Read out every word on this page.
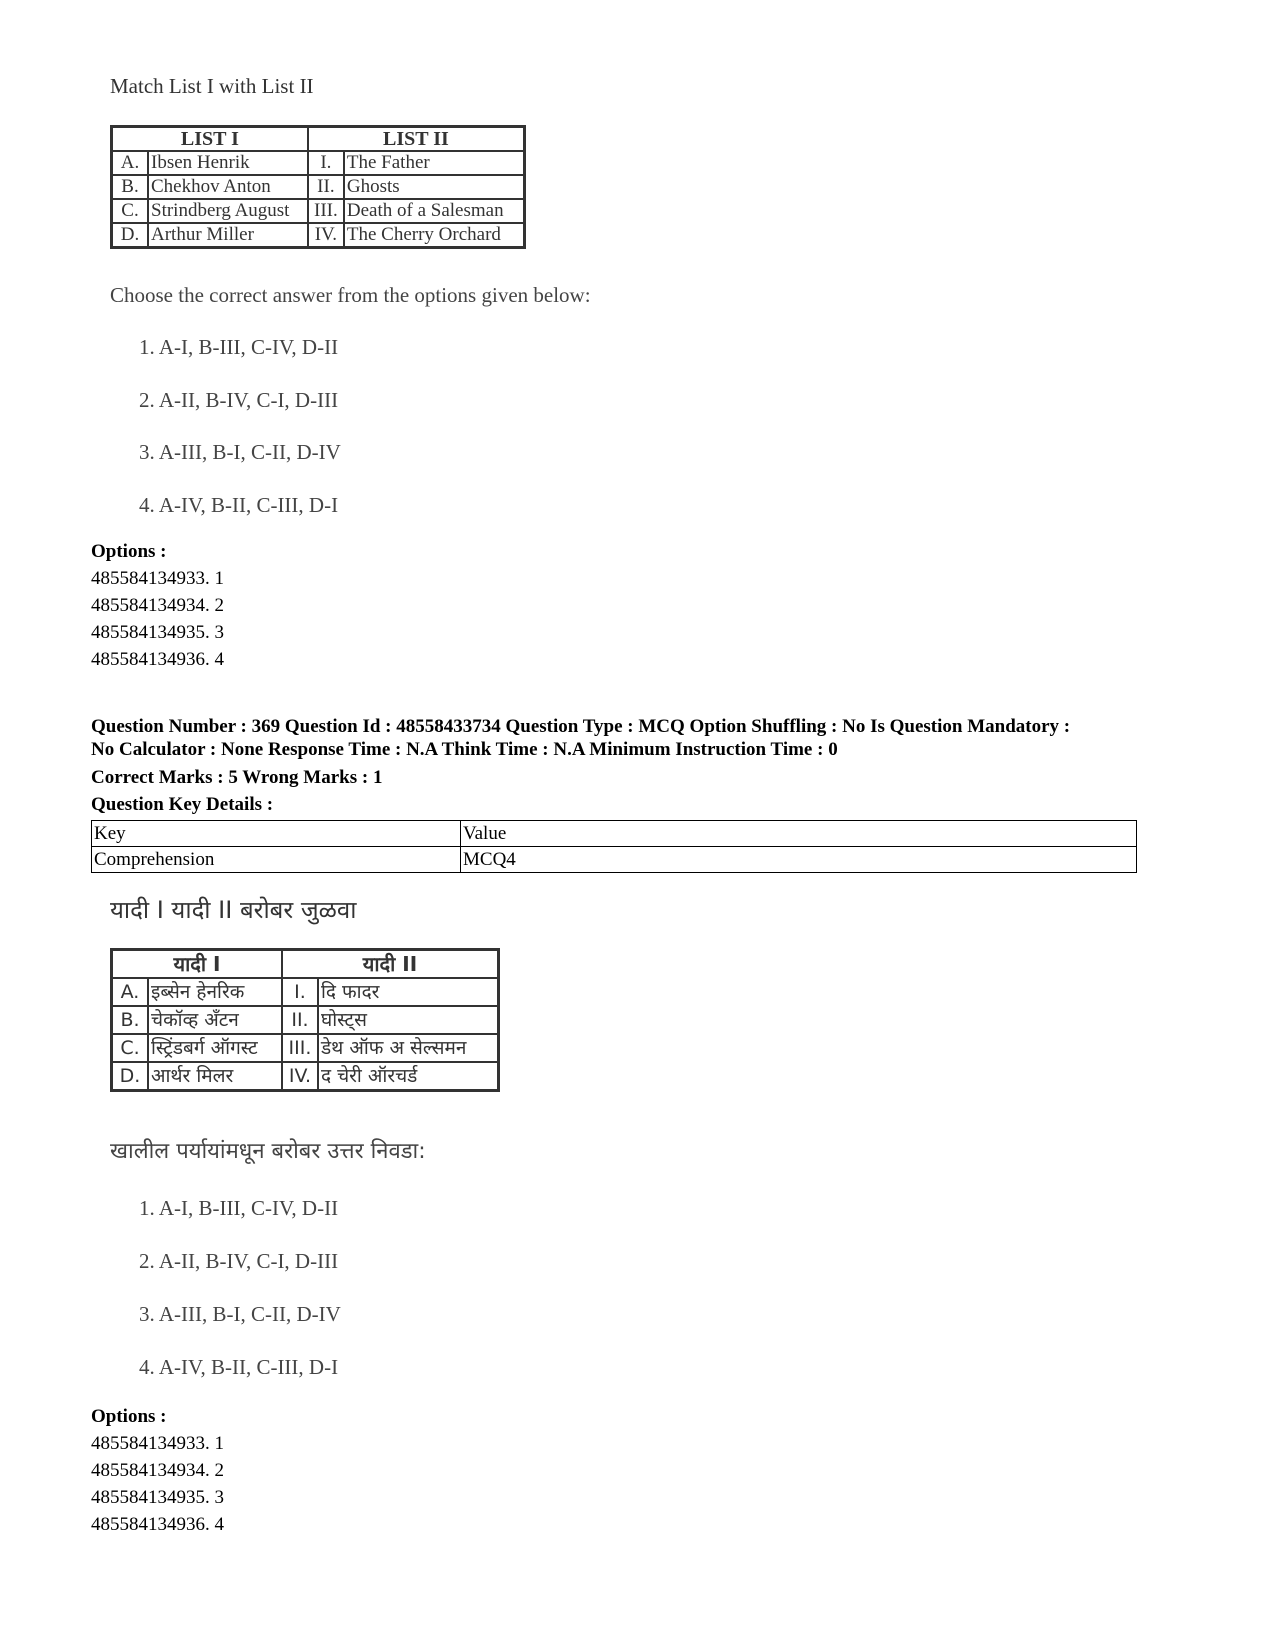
Match List I with List II
LIST I		LIST II	
A.	Ibsen Henrik	I.	The Father
B.	Chekhov Anton	II.	Ghosts
C.	Strindberg August	III.	Death of a Salesman
D.	Arthur Miller	IV.	The Cherry Orchard
Choose the correct answer from the options given below:
1. A-I, B-III, C-IV, D-II
2. A-II, B-IV, C-I, D-III
3. A-III, B-I, C-II, D-IV
4. A-IV, B-II, C-III, D-I
Options :
485584134933. 1
485584134934. 2
485584134935. 3
485584134936. 4
Question Number : 369 Question Id : 48558433734 Question Type : MCQ Option Shuffling : No Is Question Mandatory :
No Calculator : None Response Time : N.A Think Time : N.A Minimum Instruction Time : 0
Correct Marks : 5 Wrong Marks : 1
Question Key Details :
Key	Value
Comprehension	MCQ4
यादी I यादी II बरोबर जुळवा
यादी I		यादी II	
A.	इब्सेन हेनरिक	I.	दि फादर
B.	चेकॉव्ह अँटन	II.	घोस्ट्स
C.	स्ट्रिंडबर्ग ऑगस्ट	III.	डेथ ऑफ अ सेल्समन
D.	आर्थर मिलर	IV.	द चेरी ऑरचर्ड
खालील पर्यायांमधून बरोबर उत्तर निवडा:
1. A-I, B-III, C-IV, D-II
2. A-II, B-IV, C-I, D-III
3. A-III, B-I, C-II, D-IV
4. A-IV, B-II, C-III, D-I
Options :
485584134933. 1
485584134934. 2
485584134935. 3
485584134936. 4
